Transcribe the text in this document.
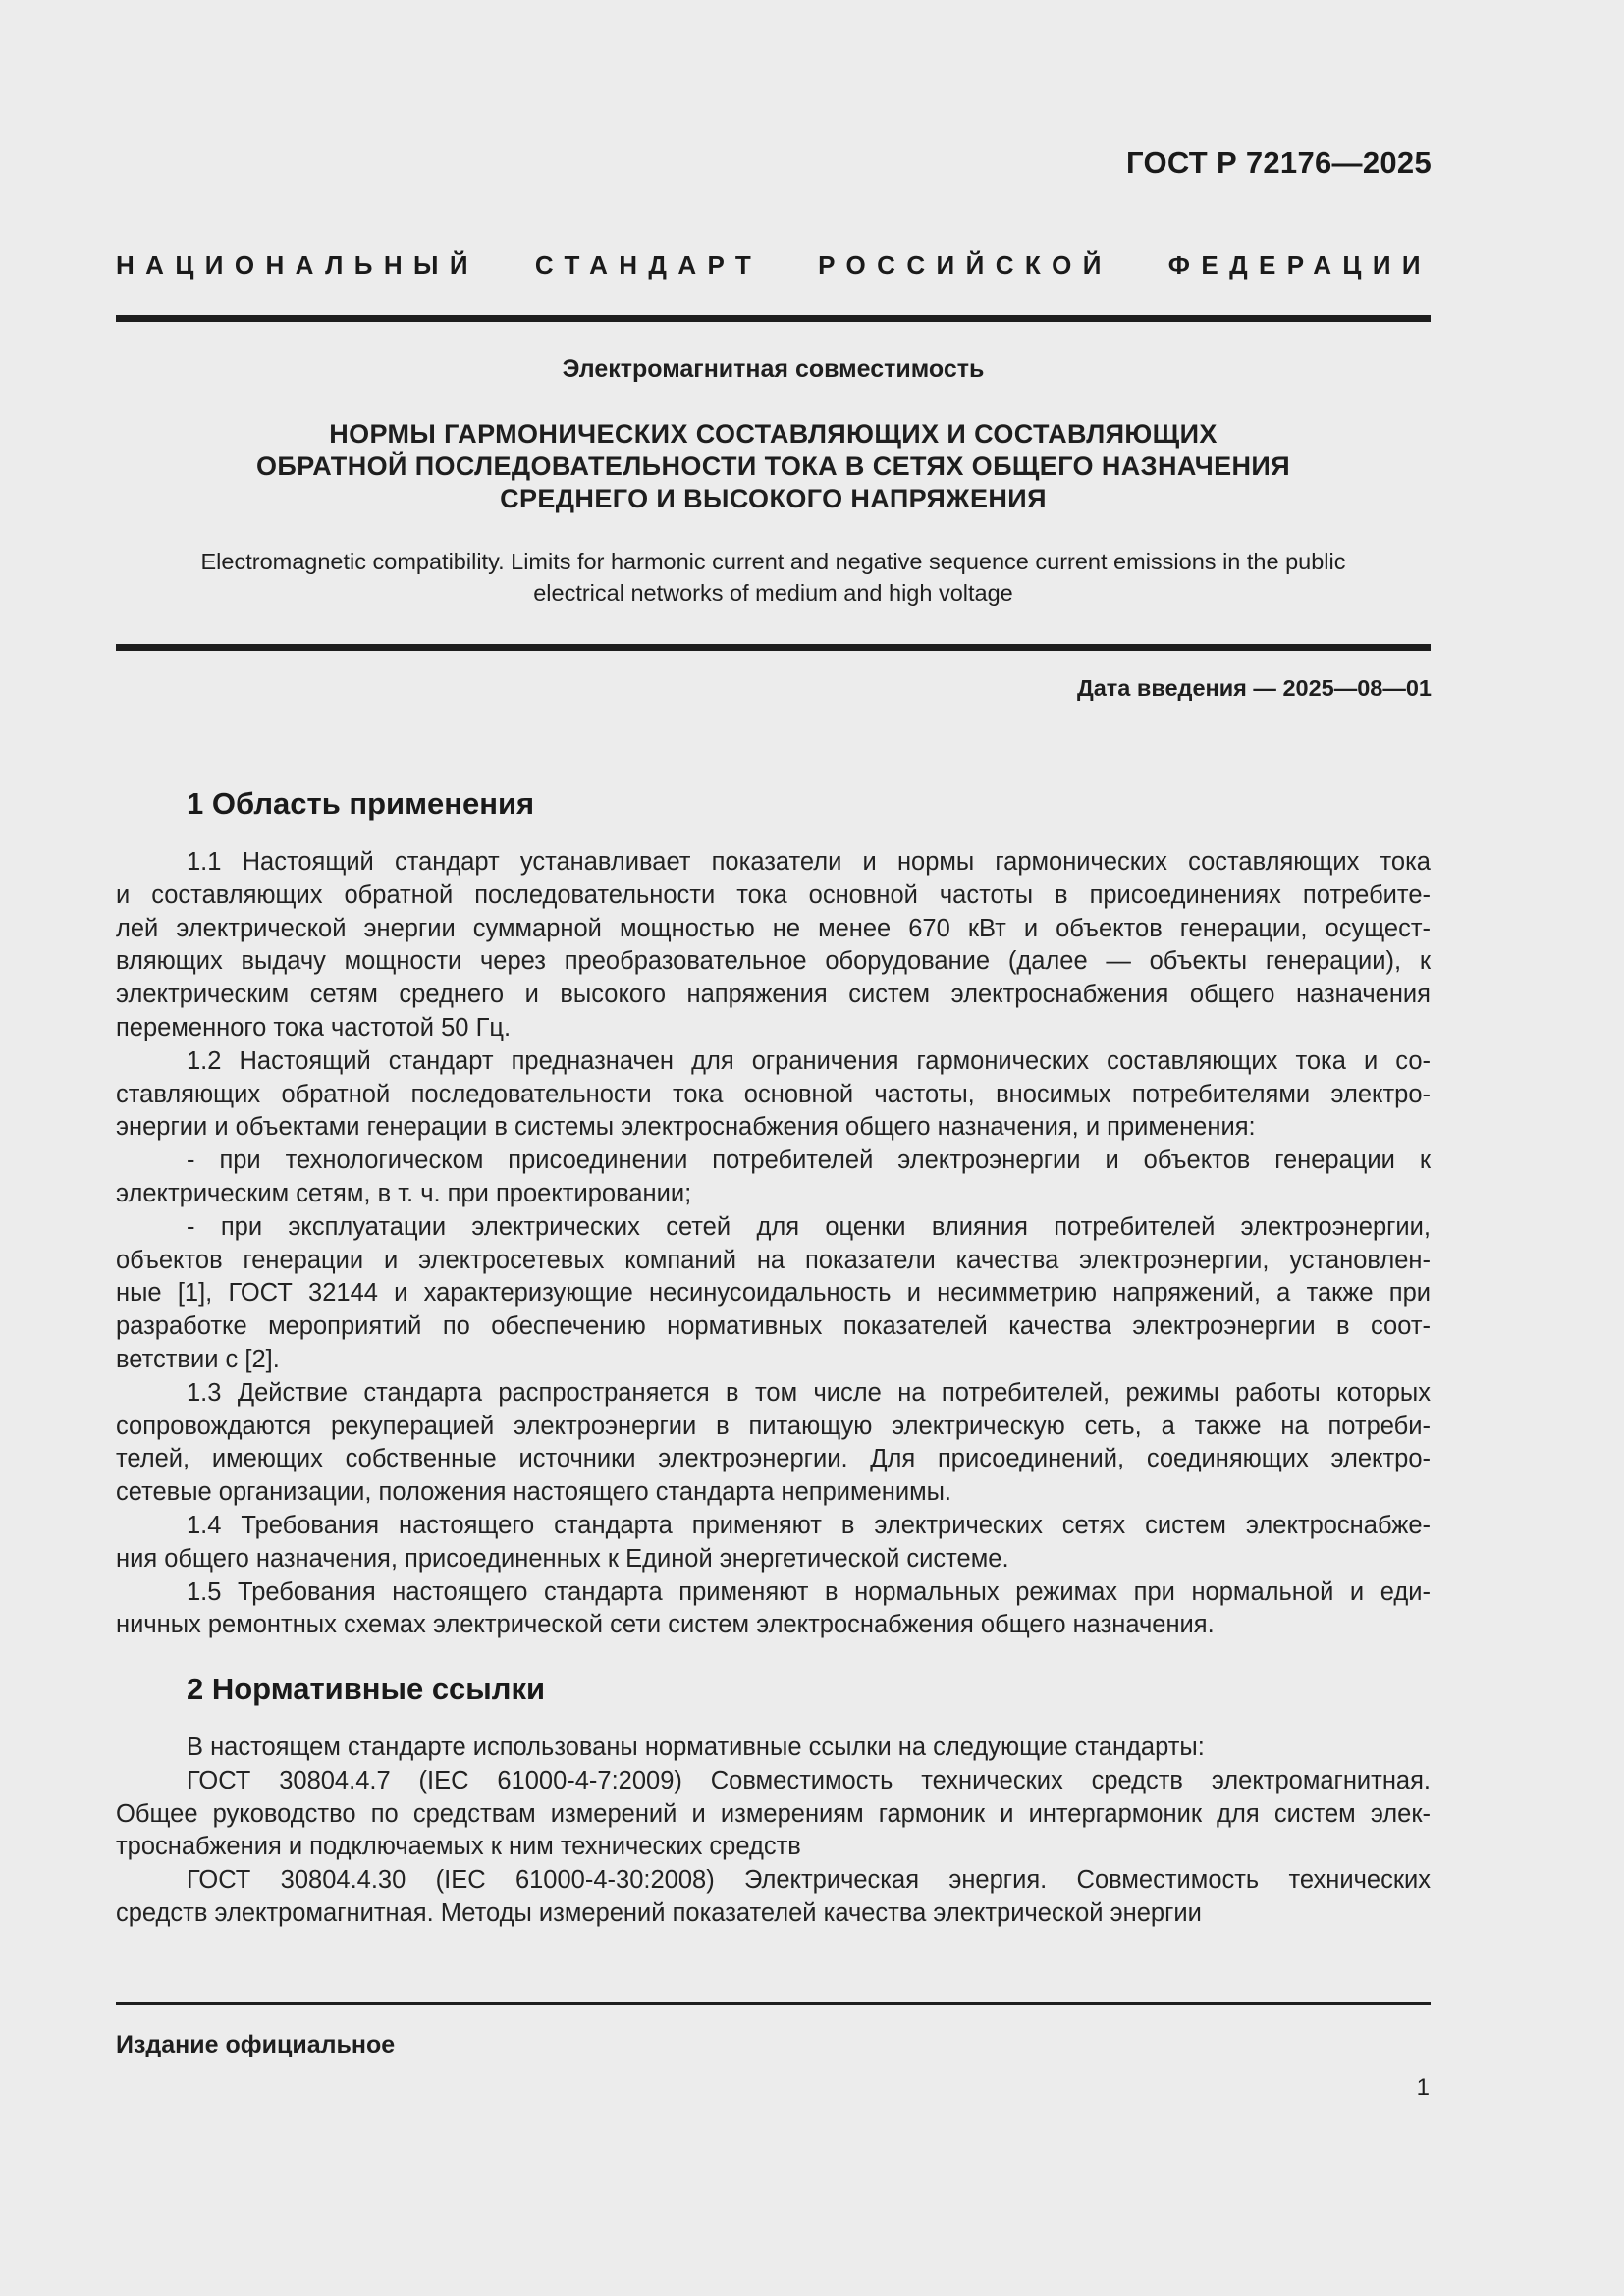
ГОСТ Р 72176—2025
НАЦИОНАЛЬНЫЙ СТАНДАРТ РОССИЙСКОЙ ФЕДЕРАЦИИ
Электромагнитная совместимость
НОРМЫ ГАРМОНИЧЕСКИХ СОСТАВЛЯЮЩИХ И СОСТАВЛЯЮЩИХ
ОБРАТНОЙ ПОСЛЕДОВАТЕЛЬНОСТИ ТОКА В СЕТЯХ ОБЩЕГО НАЗНАЧЕНИЯ
СРЕДНЕГО И ВЫСОКОГО НАПРЯЖЕНИЯ
Electromagnetic compatibility. Limits for harmonic current and negative sequence current emissions in the public
electrical networks of medium and high voltage
Дата введения — 2025—08—01
1 Область применения
1.1 Настоящий стандарт устанавливает показатели и нормы гармонических составляющих тока
и составляющих обратной последовательности тока основной частоты в присоединениях потребите-
лей электрической энергии суммарной мощностью не менее 670 кВт и объектов генерации, осущест-
вляющих выдачу мощности через преобразовательное оборудование (далее — объекты генерации), к
электрическим сетям среднего и высокого напряжения систем электроснабжения общего назначения
переменного тока частотой 50 Гц.
1.2 Настоящий стандарт предназначен для ограничения гармонических составляющих тока и со-
ставляющих обратной последовательности тока основной частоты, вносимых потребителями электро-
энергии и объектами генерации в системы электроснабжения общего назначения, и применения:
- при технологическом присоединении потребителей электроэнергии и объектов генерации к
электрическим сетям, в т. ч. при проектировании;
- при эксплуатации электрических сетей для оценки влияния потребителей электроэнергии,
объектов генерации и электросетевых компаний на показатели качества электроэнергии, установлен-
ные [1], ГОСТ 32144 и характеризующие несинусоидальность и несимметрию напряжений, а также при
разработке мероприятий по обеспечению нормативных показателей качества электроэнергии в соот-
ветствии с [2].
1.3 Действие стандарта распространяется в том числе на потребителей, режимы работы которых
сопровождаются рекуперацией электроэнергии в питающую электрическую сеть, а также на потреби-
телей, имеющих собственные источники электроэнергии. Для присоединений, соединяющих электро-
сетевые организации, положения настоящего стандарта неприменимы.
1.4 Требования настоящего стандарта применяют в электрических сетях систем электроснабже-
ния общего назначения, присоединенных к Единой энергетической системе.
1.5 Требования настоящего стандарта применяют в нормальных режимах при нормальной и еди-
ничных ремонтных схемах электрической сети систем электроснабжения общего назначения.
2 Нормативные ссылки
В настоящем стандарте использованы нормативные ссылки на следующие стандарты:
ГОСТ 30804.4.7 (IEC 61000-4-7:2009) Совместимость технических средств электромагнитная.
Общее руководство по средствам измерений и измерениям гармоник и интергармоник для систем элек-
троснабжения и подключаемых к ним технических средств
ГОСТ 30804.4.30 (IEC 61000-4-30:2008) Электрическая энергия. Совместимость технических
средств электромагнитная. Методы измерений показателей качества электрической энергии
Издание официальное
1
